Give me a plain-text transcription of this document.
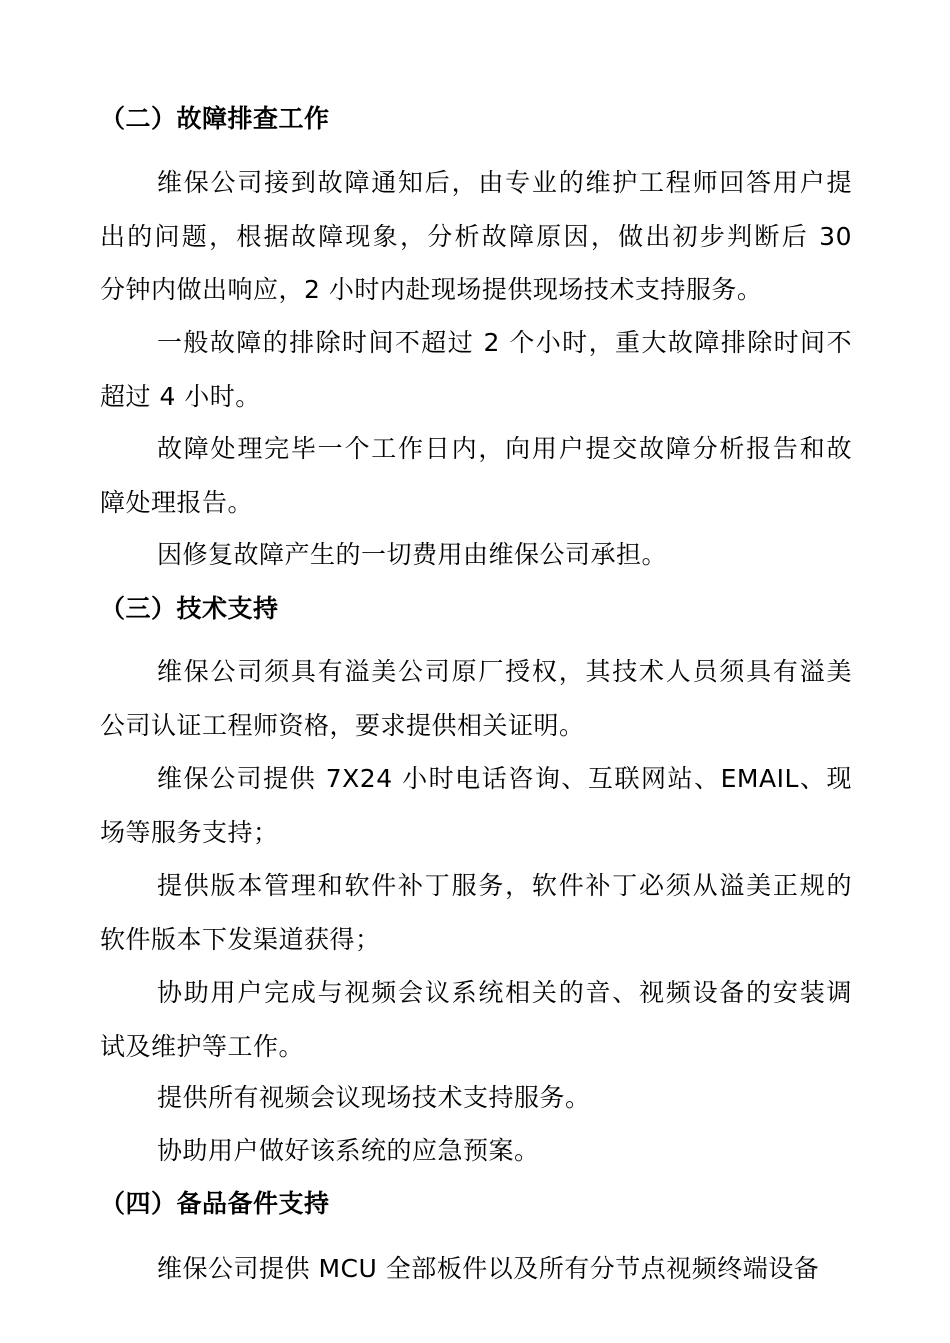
（二）故障排查工作

维保公司接到故障通知后，由专业的维护工程师回答用户提
出的问题，根据故障现象，分析故障原因，做出初步判断后 30
分钟内做出响应，2 小时内赴现场提供现场技术支持服务。

一般故障的排除时间不超过 2 个小时，重大故障排除时间不
超过 4 小时。

故障处理完毕一个工作日内，向用户提交故障分析报告和故
障处理报告。

因修复故障产生的一切费用由维保公司承担。

（三）技术支持

维保公司须具有溢美公司原厂授权，其技术人员须具有溢美
公司认证工程师资格，要求提供相关证明。

维保公司提供 7X24 小时电话咨询、互联网站、EMAIL、现
场等服务支持；

提供版本管理和软件补丁服务，软件补丁必须从溢美正规的
软件版本下发渠道获得；

协助用户完成与视频会议系统相关的音、视频设备的安装调
试及维护等工作。

提供所有视频会议现场技术支持服务。

协助用户做好该系统的应急预案。

（四）备品备件支持

维保公司提供 MCU 全部板件以及所有分节点视频终端设备
